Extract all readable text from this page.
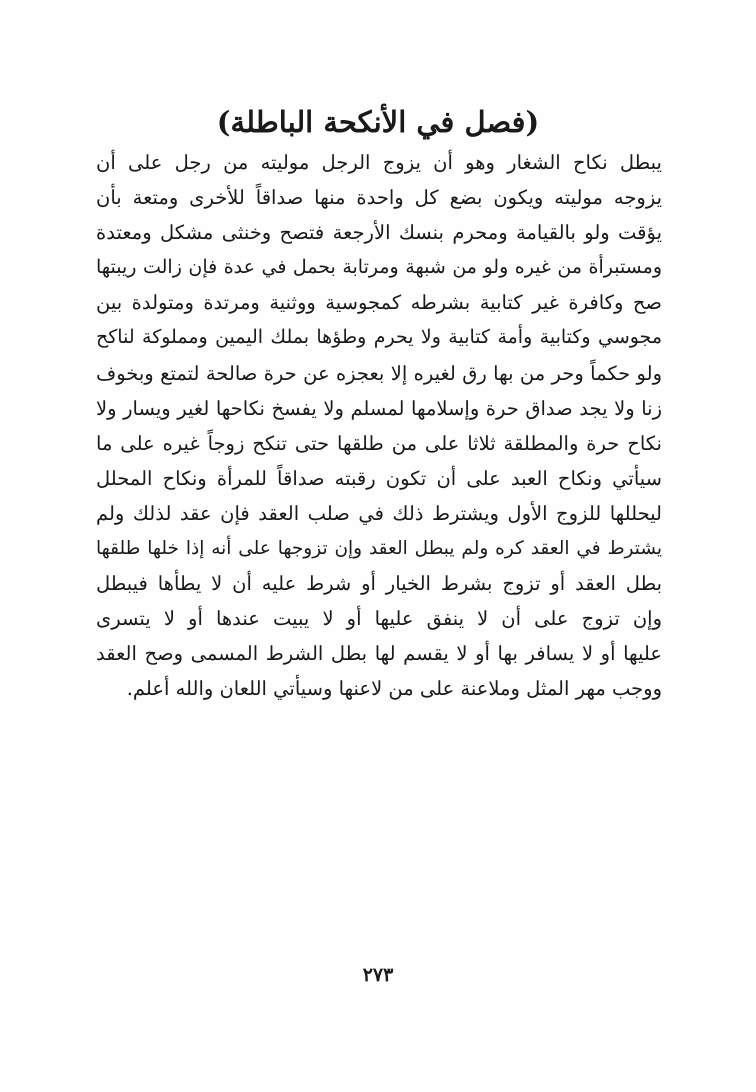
(فصل في الأنكحة الباطلة)
يبطل نكاح الشغار وهو أن يزوج الرجل موليته من رجل على أن
يزوجه موليته ويكون بضع كل واحدة منها صداقاً للأخرى ومتعة بأن
يؤقت ولو بالقيامة ومحرم بنسك الأرجعة فتصح وخنثى مشكل ومعتدة
ومستبرأة من غيره ولو من شبهة ومرتابة بحمل في عدة فإن زالت ريبتها
صح وكافرة غير كتابية بشرطه كمجوسية ووثنية ومرتدة ومتولدة بين
مجوسي وكتابية وأمة كتابية ولا يحرم وطؤها بملك اليمين ومملوكة لناكح
ولو حكماً وحر من بها رق لغيره إلا بعجزه عن حرة صالحة لتمتع وبخوف
زنا ولا يجد صداق حرة وإسلامها لمسلم ولا يفسخ نكاحها لغير ويسار ولا
نكاح حرة والمطلقة ثلاثا على من طلقها حتى تنكح زوجاً غيره على ما
سيأتي ونكاح العبد على أن تكون رقبته صداقاً للمرأة ونكاح المحلل
ليحللها للزوج الأول ويشترط ذلك في صلب العقد فإن عقد لذلك ولم
يشترط في العقد كره ولم يبطل العقد وإن تزوجها على أنه إذا خلها طلقها
بطل العقد أو تزوج بشرط الخيار أو شرط عليه أن لا يطأها فيبطل
وإن تزوج على أن لا ينفق عليها أو لا يبيت عندها أو لا يتسرى
عليها أو لا يسافر بها أو لا يقسم لها بطل الشرط المسمى وصح العقد
ووجب مهر المثل وملاعنة على من لاعنها وسيأتي اللعان والله أعلم.
٢٧٣
